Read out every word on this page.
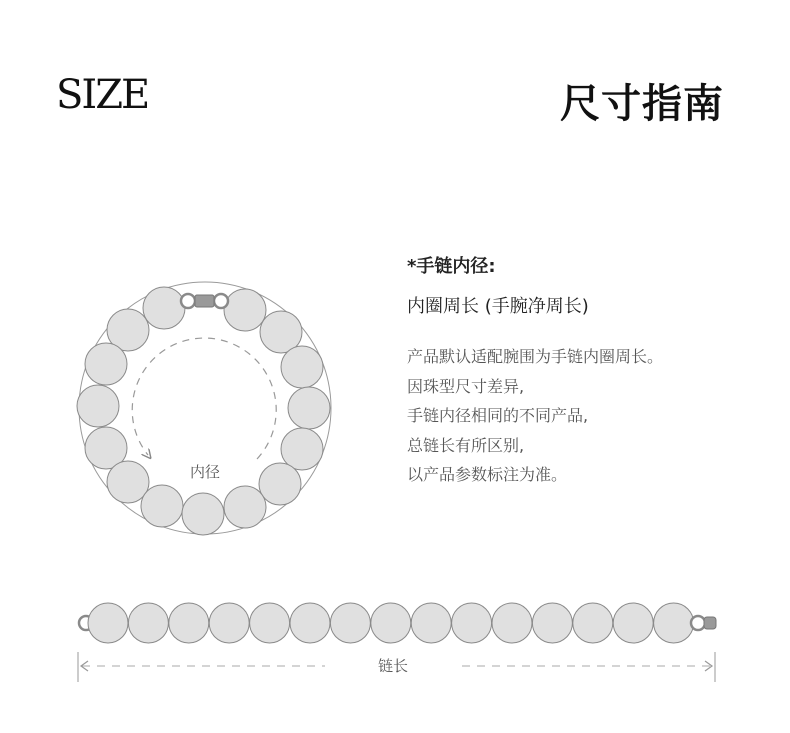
SIZE	尺寸指南
*手链内径:
内圈周长 (手腕净周长)
产品默认适配腕围为手链内圈周长。
因珠型尺寸差异,
手链内径相同的不同产品,
总链长有所区别,
以产品参数标注为准。
内径
链长
